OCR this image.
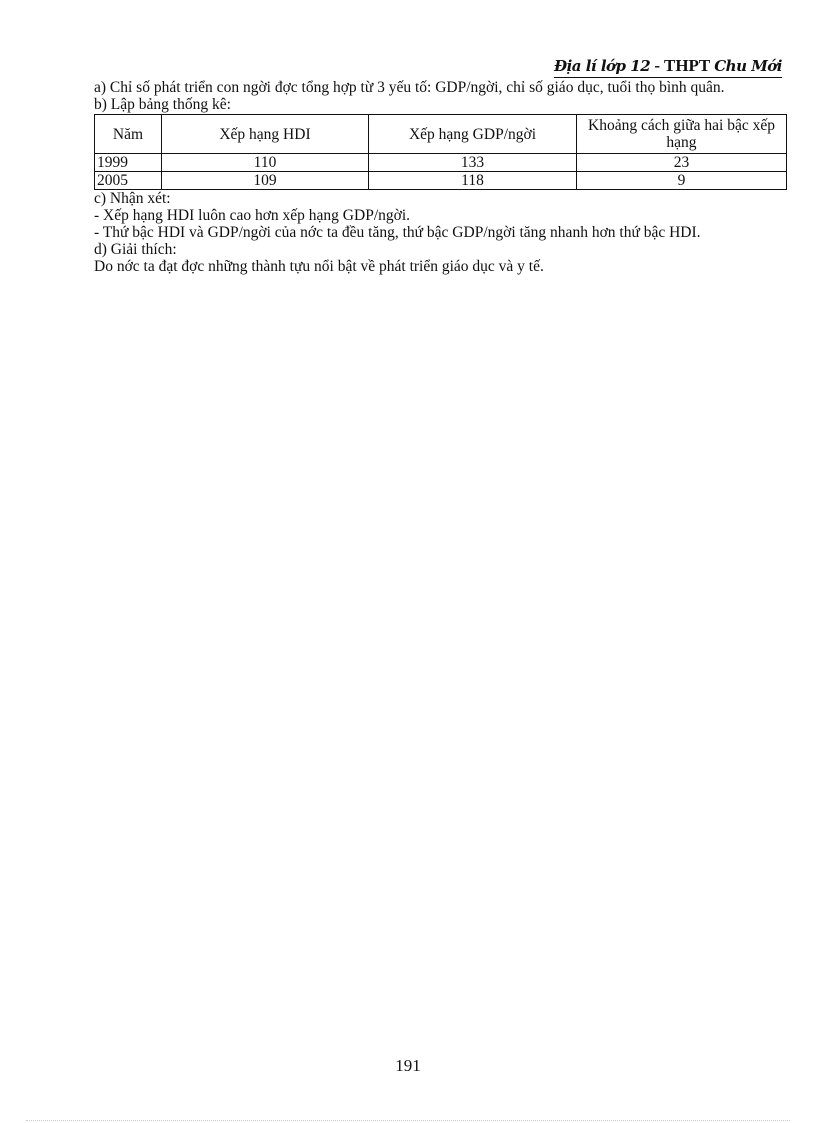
Địa lí lớp 12 - THPT Chu Mới

a) Chỉ số phát triển con ngời đợc tổng hợp từ 3 yếu tố: GDP/ngời, chỉ số giáo dục, tuổi thọ bình quân.

b) Lập bảng thống kê:

Năm	Xếp hạng HDI	Xếp hạng GDP/ngời	Khoảng cách giữa hai bậc xếp hạng
1999	110	133	23
2005	109	118	9

c) Nhận xét:

- Xếp hạng HDI luôn cao hơn xếp hạng GDP/ngời.

- Thứ bậc HDI và GDP/ngời của nớc ta đều tăng, thứ bậc GDP/ngời tăng nhanh hơn thứ bậc HDI.

d) Giải thích:

Do nớc ta đạt đợc những thành tựu nổi bật về phát triển giáo dục và y tế.

191
